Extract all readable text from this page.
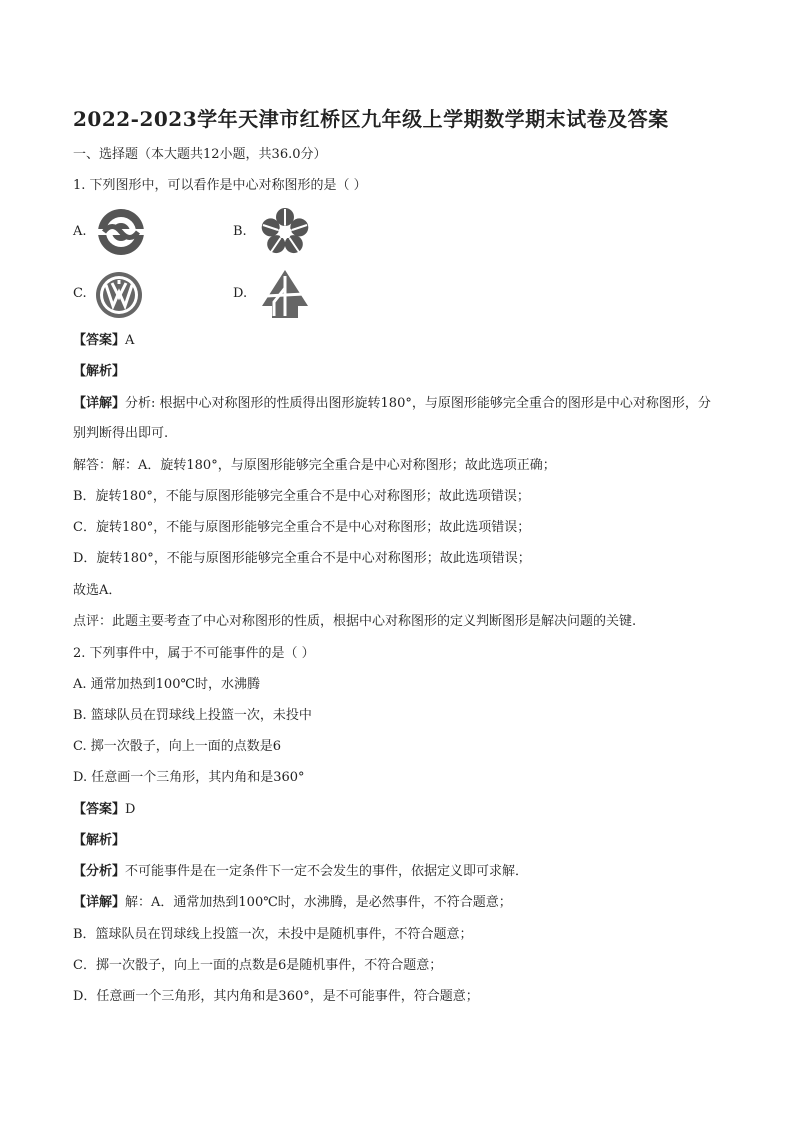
2022-2023学年天津市红桥区九年级上学期数学期末试卷及答案
一、选择题（本大题共12小题，共36.0分）
1. 下列图形中，可以看作是中心对称图形的是（ ）
A.	B.
C.	D.
【答案】A
【解析】
【详解】分析: 根据中心对称图形的性质得出图形旋转180°，与原图形能够完全重合的图形是中心对称图形，分别判断得出即可.
解答：解：A．旋转180°，与原图形能够完全重合是中心对称图形；故此选项正确；
B．旋转180°，不能与原图形能够完全重合不是中心对称图形；故此选项错误；
C．旋转180°，不能与原图形能够完全重合不是中心对称图形；故此选项错误；
D．旋转180°，不能与原图形能够完全重合不是中心对称图形；故此选项错误；
故选A．
点评：此题主要考查了中心对称图形的性质，根据中心对称图形的定义判断图形是解决问题的关键.
2. 下列事件中，属于不可能事件的是（ ）
A. 通常加热到100℃时，水沸腾
B. 篮球队员在罚球线上投篮一次，未投中
C. 掷一次骰子，向上一面的点数是6
D. 任意画一个三角形，其内角和是360°
【答案】D
【解析】
【分析】不可能事件是在一定条件下一定不会发生的事件，依据定义即可求解．
【详解】解：A．通常加热到100℃时，水沸腾，是必然事件，不符合题意；
B．篮球队员在罚球线上投篮一次，未投中是随机事件，不符合题意；
C．掷一次骰子，向上一面的点数是6是随机事件，不符合题意；
D．任意画一个三角形，其内角和是360°，是不可能事件，符合题意；
